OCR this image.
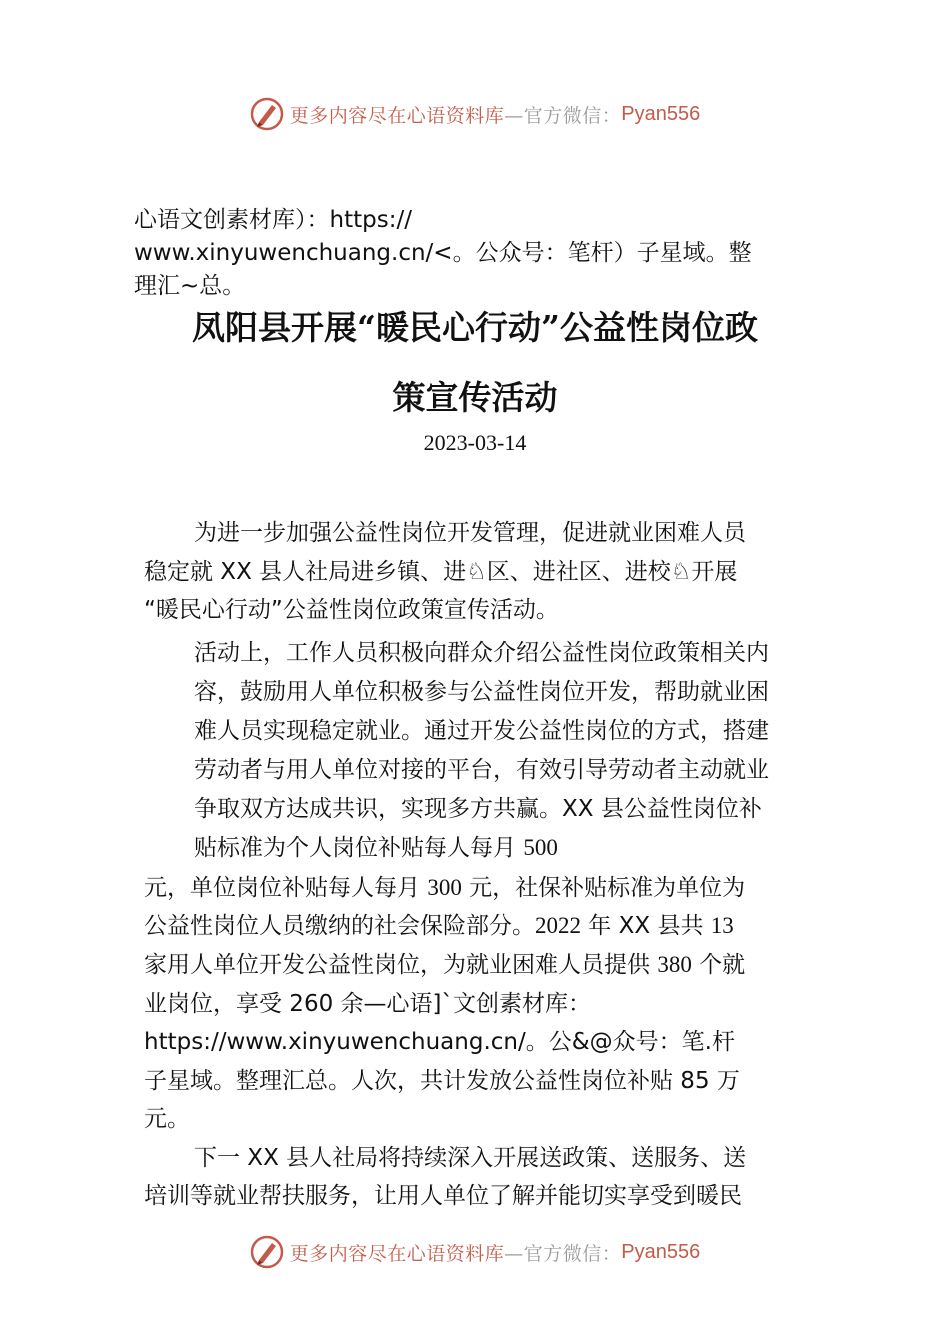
更多内容尽在心语资料库 —官方微信： Pyan556
心语文创素材库）：https://
www.xinyuwenchuang.cn/<。公众号：笔杆）子星域。整
理汇~总。
凤阳县开展“暖民心行动”公益性岗位政
策宣传活动
2023-03-14
为进一步加强公益性岗位开发管理，促进就业困难人员
稳定就 XX 县人社局进乡镇、进♘区、进社区、进校♘开展
“暖民心行动”公益性岗位政策宣传活动。
活动上，工作人员积极向群众介绍公益性岗位政策相关内
容，鼓励用人单位积极参与公益性岗位开发，帮助就业困
难人员实现稳定就业。通过开发公益性岗位的方式，搭建
劳动者与用人单位对接的平台，有效引导劳动者主动就业
争取双方达成共识，实现多方共赢。XX 县公益性岗位补
贴标准为个人岗位补贴每人每月 500
元，单位岗位补贴每人每月 300 元，社保补贴标准为单位为
公益性岗位人员缴纳的社会保险部分。2022 年 XX 县共 13
家用人单位开发公益性岗位，为就业困难人员提供 380 个就
业岗位，享受 260 余—心语]`文创素材库：
https://www.xinyuwenchuang.cn/。公&@众号：笔.杆
子星域。整理汇总。人次，共计发放公益性岗位补贴 85 万
元。
下一 XX 县人社局将持续深入开展送政策、送服务、送
培训等就业帮扶服务，让用人单位了解并能切实享受到暖民
更多内容尽在心语资料库 —官方微信： Pyan556
